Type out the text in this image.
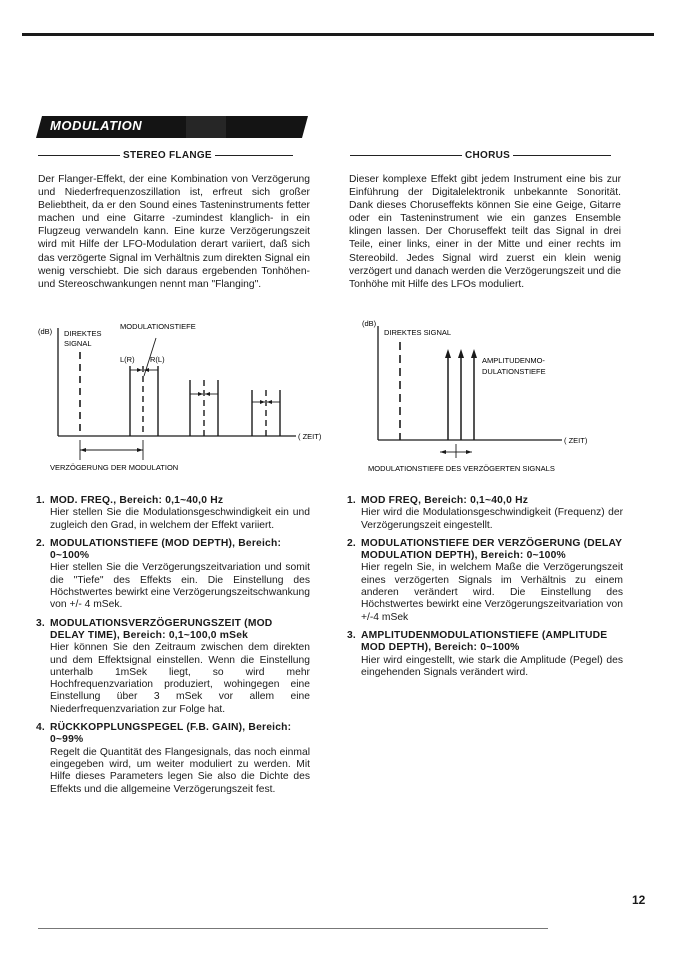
MODULATION
STEREO FLANGE
Der Flanger-Effekt, der eine Kombination von Verzögerung und Niederfrequenzoszillation ist, erfreut sich großer Beliebtheit, da er den Sound eines Tasteninstruments fetter machen und eine Gitarre -zumindest klanglich- in ein Flugzeug verwandeln kann. Eine kurze Verzögerungszeit wird mit Hilfe der LFO-Modulation derart variiert, daß sich das verzögerte Signal im Verhältnis zum direkten Signal ein wenig verschiebt. Die sich daraus ergebenden Tonhöhen- und Stereoschwankungen nennt man "Flanging".
(dB) DIREKTES
SIGNAL
MODULATIONSTIEFE
( ZEIT)
L(R) R(L)
VERZÖGERUNG DER MODULATION
1. MOD. FREQ., Bereich: 0,1~40,0 Hz
Hier stellen Sie die Modulationsgeschwindigkeit ein und zugleich den Grad, in welchem der Effekt variiert.
2. MODULATIONSTIEFE (MOD DEPTH), Bereich: 0~100%
Hier stellen Sie die Verzögerungszeitvariation und somit die "Tiefe" des Effekts ein. Die Einstellung des Höchstwertes bewirkt eine Verzögerungszeitschwankung von +/- 4 mSek.
3. MODULATIONSVERZÖGERUNGSZEIT (MOD DELAY TIME), Bereich: 0,1~100,0 mSek
Hier können Sie den Zeitraum zwischen dem direkten und dem Effektsignal einstellen. Wenn die Einstellung unterhalb 1mSek liegt, so wird mehr Hochfrequenzvariation produziert, wohingegen eine Einstellung über 3 mSek vor allem eine Niederfrequenzvariation zur Folge hat.
4. RÜCKKOPPLUNGSPEGEL (F.B. GAIN), Bereich: 0~99%
Regelt die Quantität des Flangesignals, das noch einmal eingegeben wird, um weiter moduliert zu werden. Mit Hilfe dieses Parameters legen Sie also die Dichte des Effekts und die allgemeine Verzögerungszeit fest.
CHORUS
Dieser komplexe Effekt gibt jedem Instrument eine bis zur Einführung der Digitalelektronik unbekannte Sonorität. Dank dieses Choruseffekts können Sie eine Geige, Gitarre oder ein Tasteninstrument wie ein ganzes Ensemble klingen lassen. Der Choruseffekt teilt das Signal in drei Teile, einer links, einer in der Mitte und einer rechts im Stereobild. Jedes Signal wird zuerst ein klein wenig verzögert und danach werden die Verzögerungszeit und die Tonhöhe mit Hilfe des LFOs moduliert.
(dB)
DIREKTES SIGNAL
( ZEIT)
AMPLITUDENMO-
DULATIONSTIEFE
MODULATIONSTIEFE DES VERZÖGERTEN SIGNALS
1. MOD FREQ, Bereich: 0,1~40,0 Hz
Hier wird die Modulationsgeschwindigkeit (Frequenz) der Verzögerungszeit eingestellt.
2. MODULATIONSTIEFE DER VERZÖGERUNG (DELAY MODULATION DEPTH), Bereich: 0~100%
Hier regeln Sie, in welchem Maße die Verzögerungszeit eines verzögerten Signals im Verhältnis zu einem anderen verändert wird. Die Einstellung des Höchstwertes bewirkt eine Verzögerungszeitvariation von +/-4 mSek
3. AMPLITUDENMODULATIONSTIEFE (AMPLITUDE MOD DEPTH), Bereich: 0~100%
Hier wird eingestellt, wie stark die Amplitude (Pegel) des eingehenden Signals verändert wird.
12
